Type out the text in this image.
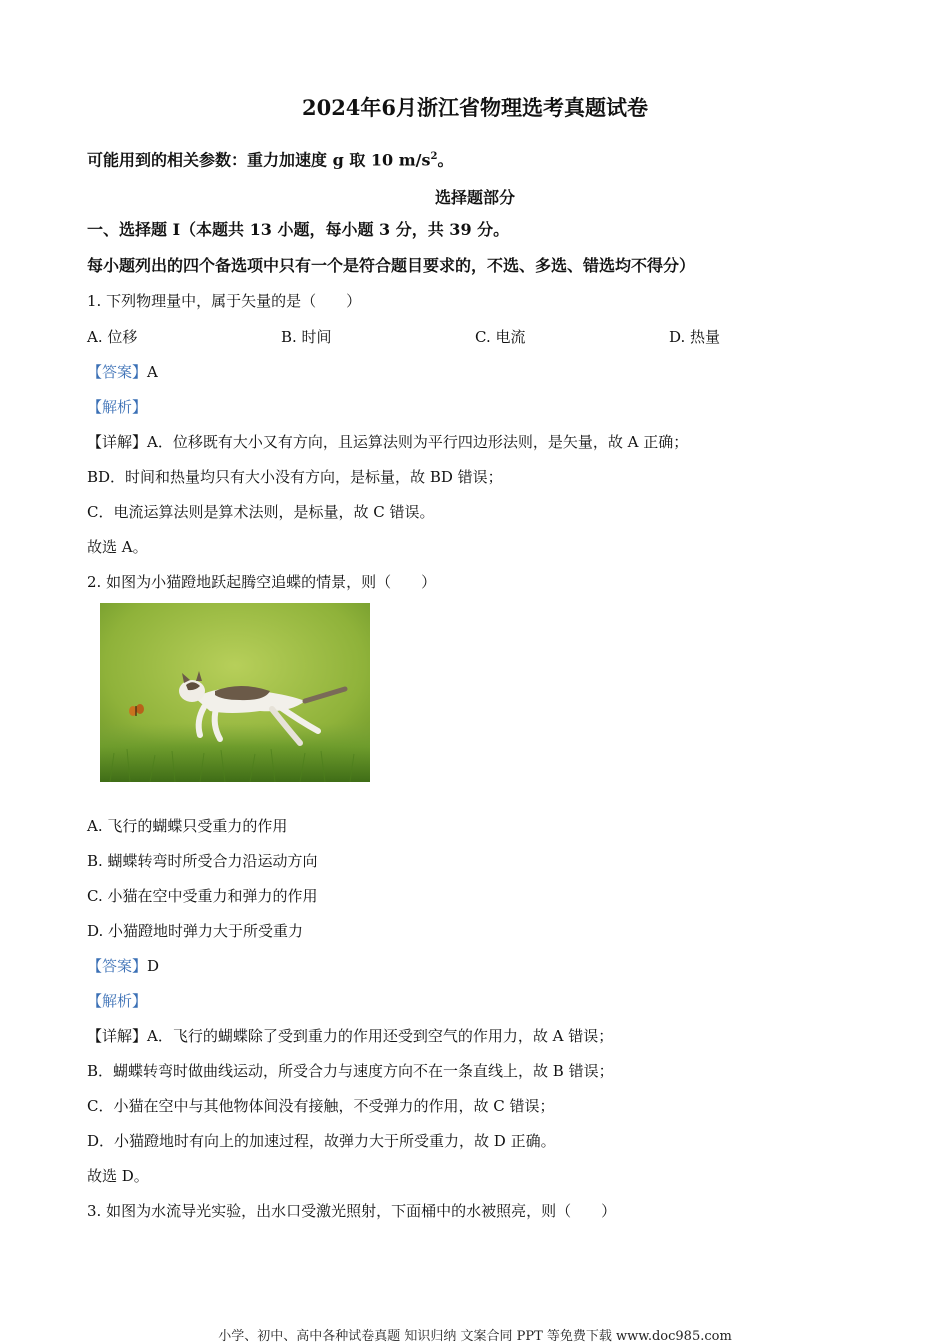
2024年6月浙江省物理选考真题试卷
可能用到的相关参数：重力加速度 g 取 10 $m/s^2$。
选择题部分
一、选择题 I（本题共 13 小题，每小题 3 分，共 39 分。
每小题列出的四个备选项中只有一个是符合题目要求的，不选、多选、错选均不得分）
1. 下列物理量中，属于矢量的是（　　）
A. 位移	B. 时间	C. 电流	D. 热量
【答案】A
【解析】
【详解】A．位移既有大小又有方向，且运算法则为平行四边形法则，是矢量，故 A 正确；
BD．时间和热量均只有大小没有方向，是标量，故 BD 错误；
C．电流运算法则是算术法则，是标量，故 C 错误。
故选 A。
2. 如图为小猫蹬地跃起腾空追蝶的情景，则（　　）
A. 飞行的蝴蝶只受重力的作用
B. 蝴蝶转弯时所受合力沿运动方向
C. 小猫在空中受重力和弹力的作用
D. 小猫蹬地时弹力大于所受重力
【答案】D
【解析】
【详解】A．飞行的蝴蝶除了受到重力的作用还受到空气的作用力，故 A 错误；
B．蝴蝶转弯时做曲线运动，所受合力与速度方向不在一条直线上，故 B 错误；
C．小猫在空中与其他物体间没有接触，不受弹力的作用，故 C 错误；
D．小猫蹬地时有向上的加速过程，故弹力大于所受重力，故 D 正确。
故选 D。
3. 如图为水流导光实验，出水口受激光照射，下面桶中的水被照亮，则（　　）
小学、初中、高中各种试卷真题 知识归纳 文案合同 PPT 等免费下载 www.doc985.com
